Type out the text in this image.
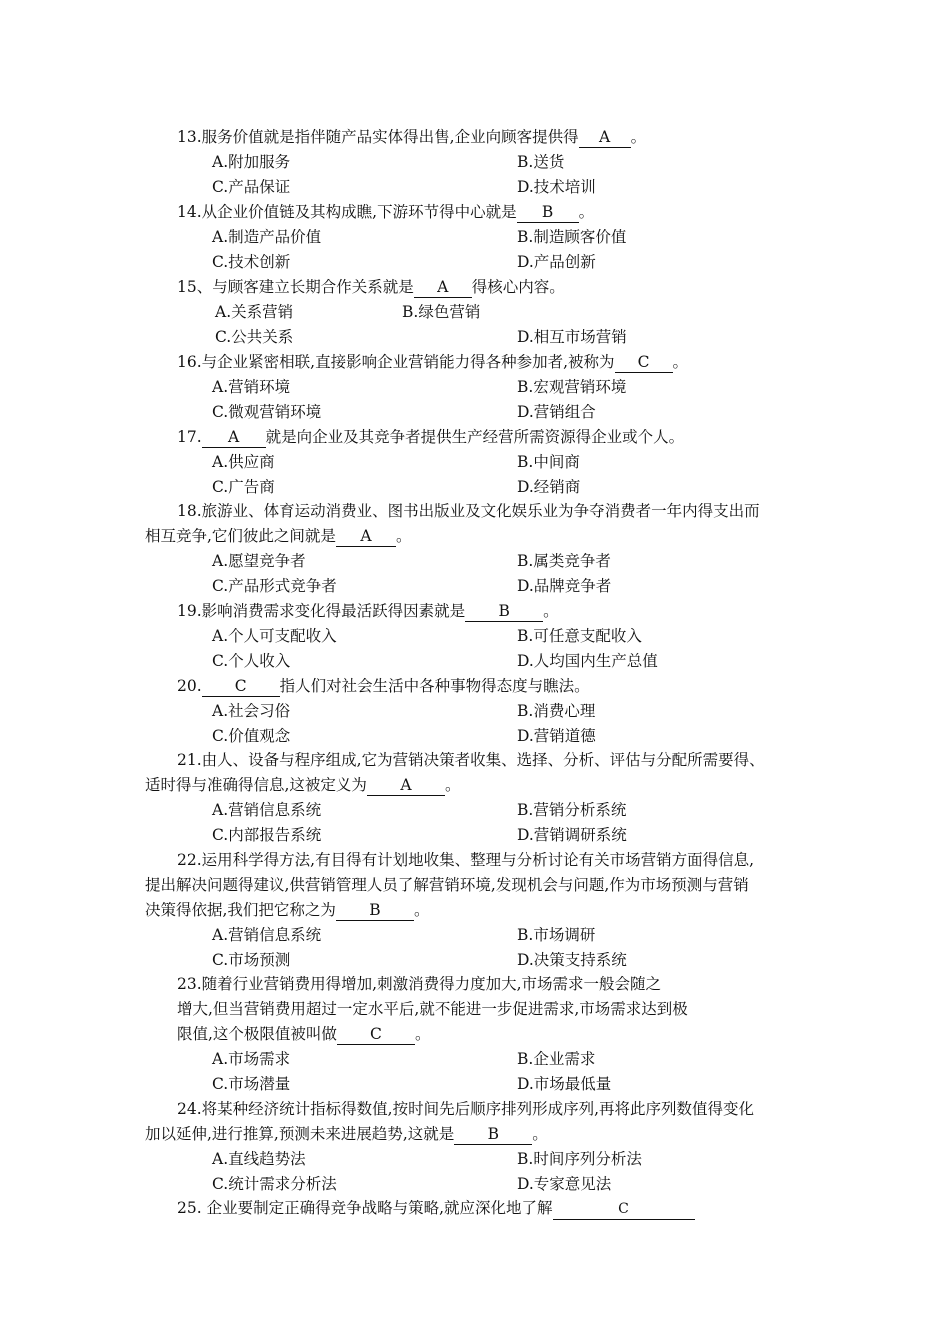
13.服务价值就是指伴随产品实体得出售,企业向顾客提供得 A 。
A.附加服务	B.送货
C.产品保证	D.技术培训
14.从企业价值链及其构成瞧,下游环节得中心就是 B 。
A.制造产品价值	B.制造顾客价值
C.技术创新	D.产品创新
15、与顾客建立长期合作关系就是 A 得核心内容。
A.关系营销	B.绿色营销
C.公共关系	D.相互市场营销
16.与企业紧密相联,直接影响企业营销能力得各种参加者,被称为 C 。
A.营销环境	B.宏观营销环境
C.微观营销环境	D.营销组合
17. A 就是向企业及其竞争者提供生产经营所需资源得企业或个人。
A.供应商	B.中间商
C.广告商	D.经销商
18.旅游业、体育运动消费业、图书出版业及文化娱乐业为争夺消费者一年内得支出而
相互竞争,它们彼此之间就是 A 。
A.愿望竞争者	B.属类竞争者
C.产品形式竞争者	D.品牌竞争者
19.影响消费需求变化得最活跃得因素就是 B 。
A.个人可支配收入	B.可任意支配收入
C.个人收入	D.人均国内生产总值
20. C 指人们对社会生活中各种事物得态度与瞧法。
A.社会习俗	B.消费心理
C.价值观念	D.营销道德
21.由人、设备与程序组成,它为营销决策者收集、选择、分析、评估与分配所需要得、
适时得与准确得信息,这被定义为 A 。
A.营销信息系统	B.营销分析系统
C.内部报告系统	D.营销调研系统
22.运用科学得方法,有目得有计划地收集、整理与分析讨论有关市场营销方面得信息,
提出解决问题得建议,供营销管理人员了解营销环境,发现机会与问题,作为市场预测与营销
决策得依据,我们把它称之为 B 。
A.营销信息系统	B.市场调研
C.市场预测	D.决策支持系统
23.随着行业营销费用得增加,刺激消费得力度加大,市场需求一般会随之
增大,但当营销费用超过一定水平后,就不能进一步促进需求,市场需求达到极
限值,这个极限值被叫做 C 。
A.市场需求	B.企业需求
C.市场潜量	D.市场最低量
24.将某种经济统计指标得数值,按时间先后顺序排列形成序列,再将此序列数值得变化
加以延伸,进行推算,预测未来进展趋势,这就是 B 。
A.直线趋势法	B.时间序列分析法
C.统计需求分析法	D.专家意见法
25. 企业要制定正确得竞争战略与策略,就应深化地了解	C
